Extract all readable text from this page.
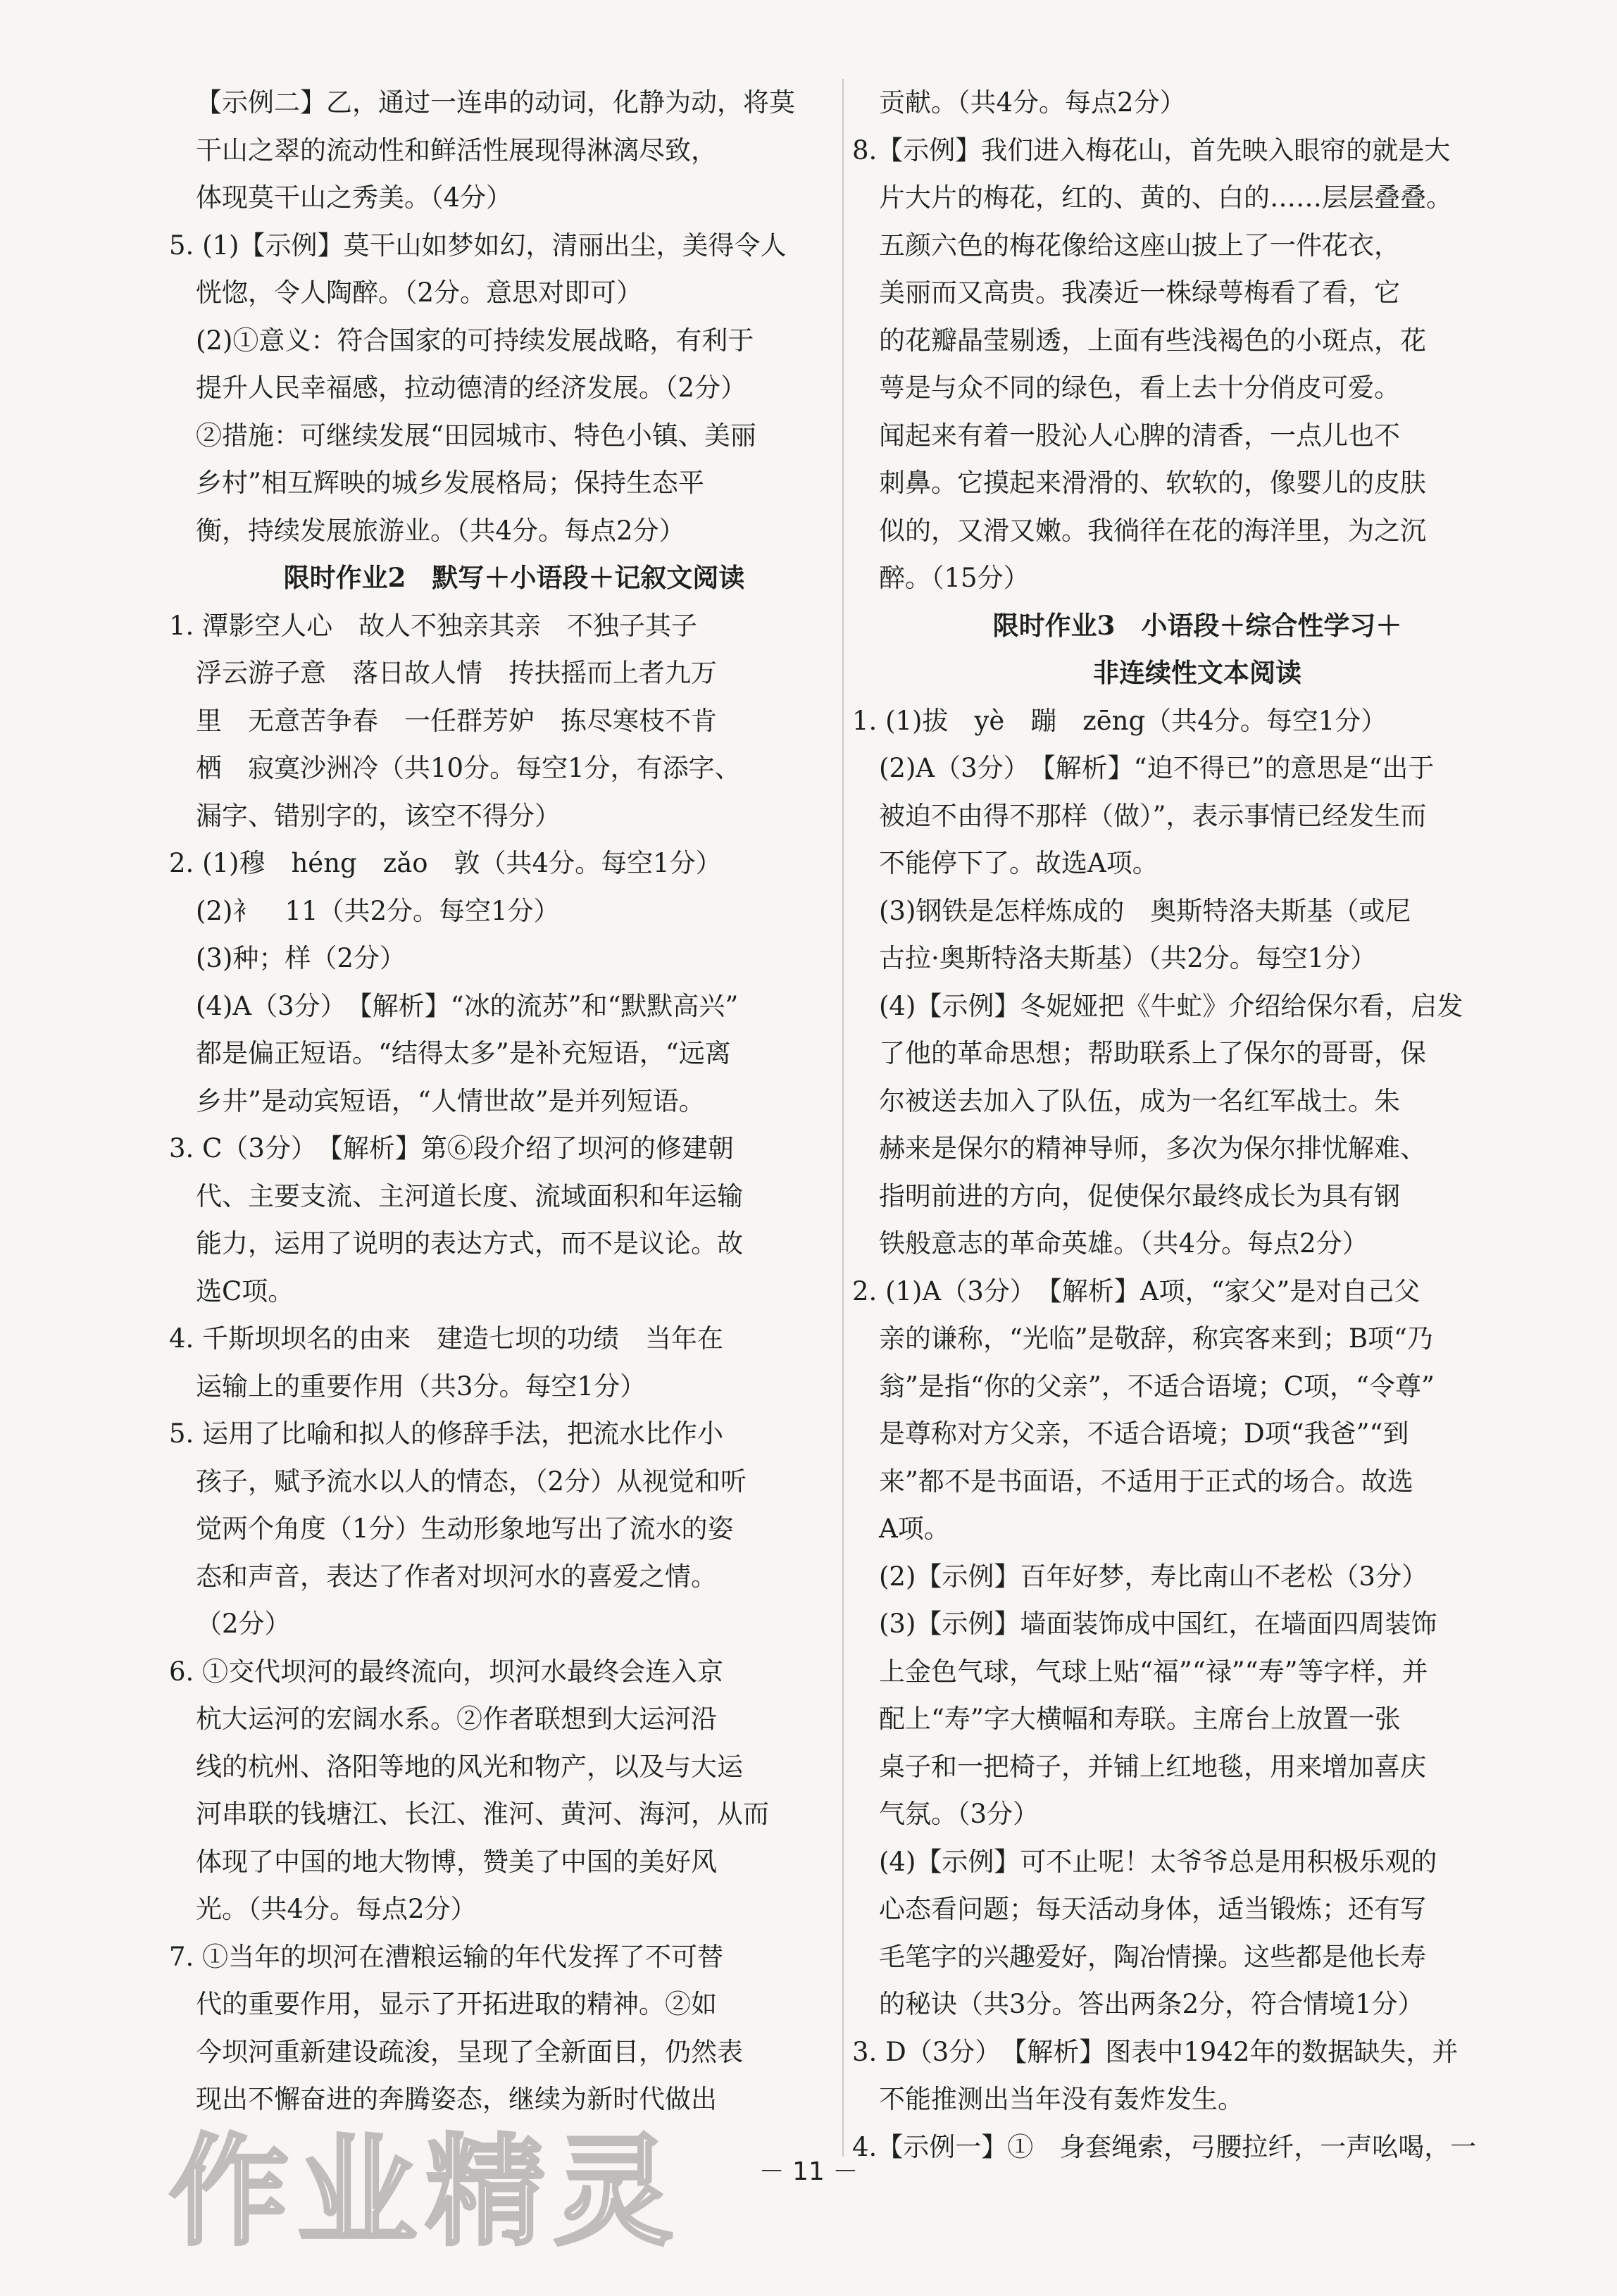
【示例二】乙，通过一连串的动词，化静为动，将莫
干山之翠的流动性和鲜活性展现得淋漓尽致，
体现莫干山之秀美。（4分）
5. (1)【示例】莫干山如梦如幻，清丽出尘，美得令人
恍惚，令人陶醉。（2分。意思对即可）
(2)①意义：符合国家的可持续发展战略，有利于
提升人民幸福感，拉动德清的经济发展。（2分）
②措施：可继续发展“田园城市、特色小镇、美丽
乡村”相互辉映的城乡发展格局；保持生态平
衡，持续发展旅游业。（共4分。每点2分）
限时作业2　默写＋小语段＋记叙文阅读
1. 潭影空人心　故人不独亲其亲　不独子其子
浮云游子意　落日故人情　抟扶摇而上者九万
里　无意苦争春　一任群芳妒　拣尽寒枝不肯
栖　寂寞沙洲冷（共10分。每空1分，有添字、
漏字、错别字的，该空不得分）
2. (1)穆　héng　zǎo　敦（共4分。每空1分）
(2)衤　11（共2分。每空1分）
(3)种；样（2分）
(4)A（3分）　【解析】“冰的流苏”和“默默高兴”
都是偏正短语。“结得太多”是补充短语，“远离
乡井”是动宾短语，“人情世故”是并列短语。
3. C（3分）　【解析】第⑥段介绍了坝河的修建朝
代、主要支流、主河道长度、流域面积和年运输
能力，运用了说明的表达方式，而不是议论。故
选C项。
4. 千斯坝坝名的由来　建造七坝的功绩　当年在
运输上的重要作用（共3分。每空1分）
5. 运用了比喻和拟人的修辞手法，把流水比作小
孩子，赋予流水以人的情态，（2分）从视觉和听
觉两个角度（1分）生动形象地写出了流水的姿
态和声音，表达了作者对坝河水的喜爱之情。
（2分）
6. ①交代坝河的最终流向，坝河水最终会连入京
杭大运河的宏阔水系。②作者联想到大运河沿
线的杭州、洛阳等地的风光和物产，以及与大运
河串联的钱塘江、长江、淮河、黄河、海河，从而
体现了中国的地大物博，赞美了中国的美好风
光。（共4分。每点2分）
7. ①当年的坝河在漕粮运输的年代发挥了不可替
代的重要作用，显示了开拓进取的精神。②如
今坝河重新建设疏浚，呈现了全新面目，仍然表
现出不懈奋进的奔腾姿态，继续为新时代做出
贡献。（共4分。每点2分）
8.【示例】我们进入梅花山，首先映入眼帘的就是大
片大片的梅花，红的、黄的、白的……层层叠叠。
五颜六色的梅花像给这座山披上了一件花衣，
美丽而又高贵。我凑近一株绿萼梅看了看，它
的花瓣晶莹剔透，上面有些浅褐色的小斑点，花
萼是与众不同的绿色，看上去十分俏皮可爱。
闻起来有着一股沁人心脾的清香，一点儿也不
刺鼻。它摸起来滑滑的、软软的，像婴儿的皮肤
似的，又滑又嫩。我徜徉在花的海洋里，为之沉
醉。（15分）
限时作业3　小语段＋综合性学习＋
非连续性文本阅读
1. (1)拔　yè　蹦　zēng（共4分。每空1分）
(2)A（3分）　【解析】“迫不得已”的意思是“出于
被迫不由得不那样（做）”，表示事情已经发生而
不能停下了。故选A项。
(3)钢铁是怎样炼成的　奥斯特洛夫斯基（或尼
古拉·奥斯特洛夫斯基）（共2分。每空1分）
(4)【示例】冬妮娅把《牛虻》介绍给保尔看，启发
了他的革命思想；帮助联系上了保尔的哥哥，保
尔被送去加入了队伍，成为一名红军战士。朱
赫来是保尔的精神导师，多次为保尔排忧解难、
指明前进的方向，促使保尔最终成长为具有钢
铁般意志的革命英雄。（共4分。每点2分）
2. (1)A（3分）　【解析】A项，“家父”是对自己父
亲的谦称，“光临”是敬辞，称宾客来到；B项“乃
翁”是指“你的父亲”，不适合语境；C项，“令尊”
是尊称对方父亲，不适合语境；D项“我爸”“到
来”都不是书面语，不适用于正式的场合。故选
A项。
(2)【示例】百年好梦，寿比南山不老松（3分）
(3)【示例】墙面装饰成中国红，在墙面四周装饰
上金色气球，气球上贴“福”“禄”“寿”等字样，并
配上“寿”字大横幅和寿联。主席台上放置一张
桌子和一把椅子，并铺上红地毯，用来增加喜庆
气氛。（3分）
(4)【示例】可不止呢！太爷爷总是用积极乐观的
心态看问题；每天活动身体，适当锻炼；还有写
毛笔字的兴趣爱好，陶冶情操。这些都是他长寿
的秘诀（共3分。答出两条2分，符合情境1分）
3. D（3分）　【解析】图表中1942年的数据缺失，并
不能推测出当年没有轰炸发生。
4.【示例一】①　身套绳索，弓腰拉纤，一声吆喝，一
－ 11 －
作业精灵
